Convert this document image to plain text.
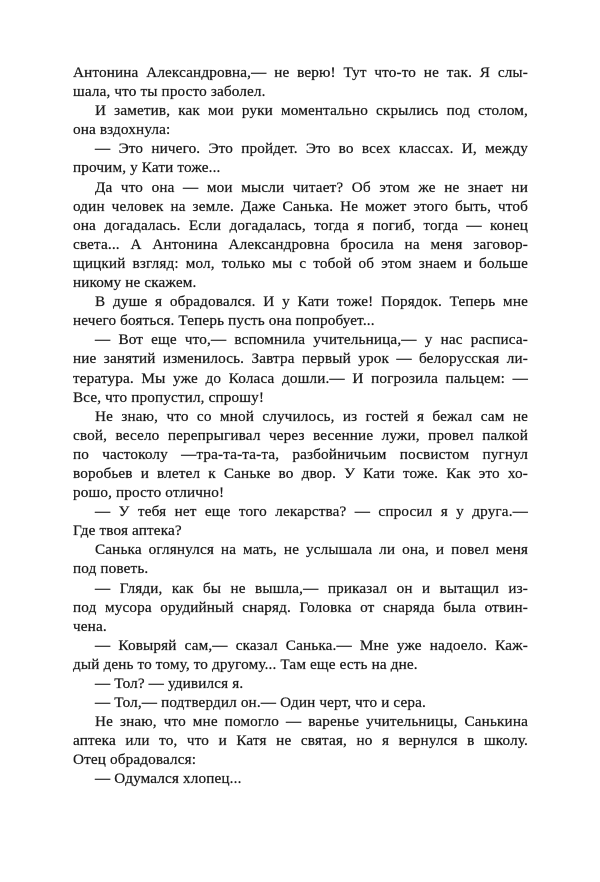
Антонина Александровна,— не верю! Тут что-то не так. Я слы-
шала, что ты просто заболел.
И заметив, как мои руки моментально скрылись под столом,
она вздохнула:
— Это ничего. Это пройдет. Это во всех классах. И, между
прочим, у Кати тоже...
Да что она — мои мысли читает? Об этом же не знает ни
один человек на земле. Даже Санька. Не может этого быть, чтоб
она догадалась. Если догадалась, тогда я погиб, тогда — конец
света... А Антонина Александровна бросила на меня заговор-
щицкий взгляд: мол, только мы с тобой об этом знаем и больше
никому не скажем.
В душе я обрадовался. И у Кати тоже! Порядок. Теперь мне
нечего бояться. Теперь пусть она попробует...
— Вот еще что,— вспомнила учительница,— у нас расписа-
ние занятий изменилось. Завтра первый урок — белорусская ли-
тература. Мы уже до Коласа дошли.— И погрозила пальцем: —
Все, что пропустил, спрошу!
Не знаю, что со мной случилось, из гостей я бежал сам не
свой, весело перепрыгивал через весенние лужи, провел палкой
по частоколу —тра-та-та-та, разбойничьим посвистом пугнул
воробьев и влетел к Саньке во двор. У Кати тоже. Как это хо-
рошо, просто отлично!
— У тебя нет еще того лекарства? — спросил я у друга.—
Где твоя аптека?
Санька оглянулся на мать, не услышала ли она, и повел меня
под поветь.
— Гляди, как бы не вышла,— приказал он и вытащил из-
под мусора орудийный снаряд. Головка от снаряда была отвин-
чена.
— Ковыряй сам,— сказал Санька.— Мне уже надоело. Каж-
дый день то тому, то другому... Там еще есть на дне.
— Тол? — удивился я.
— Тол,— подтвердил он.— Один черт, что и сера.
Не знаю, что мне помогло — варенье учительницы, Санькина
аптека или то, что и Катя не святая, но я вернулся в школу.
Отец обрадовался:
— Одумался хлопец...
